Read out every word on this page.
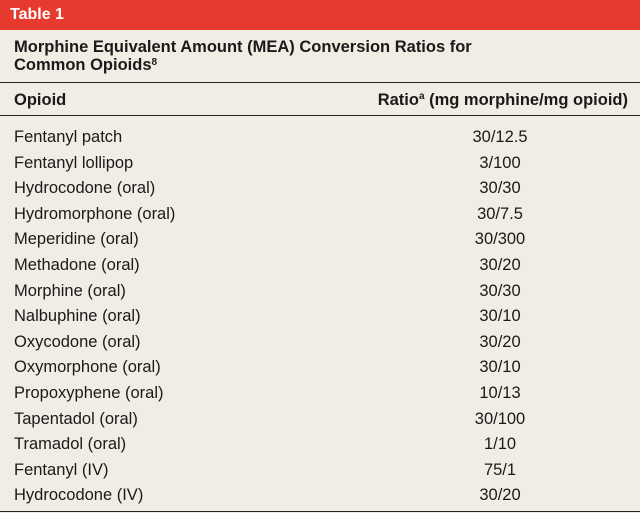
Table 1
Morphine Equivalent Amount (MEA) Conversion Ratios for
Common Opioids$^8$
Opioid	Ratio$^a$ (mg morphine/mg opioid)
Fentanyl patch	30/12.5
Fentanyl lollipop	3/100
Hydrocodone (oral)	30/30
Hydromorphone (oral)	30/7.5
Meperidine (oral)	30/300
Methadone (oral)	30/20
Morphine (oral)	30/30
Nalbuphine (oral)	30/10
Oxycodone (oral)	30/20
Oxymorphone (oral)	30/10
Propoxyphene (oral)	10/13
Tapentadol (oral)	30/100
Tramadol (oral)	1/10
Fentanyl (IV)	75/1
Hydrocodone (IV)	30/20
